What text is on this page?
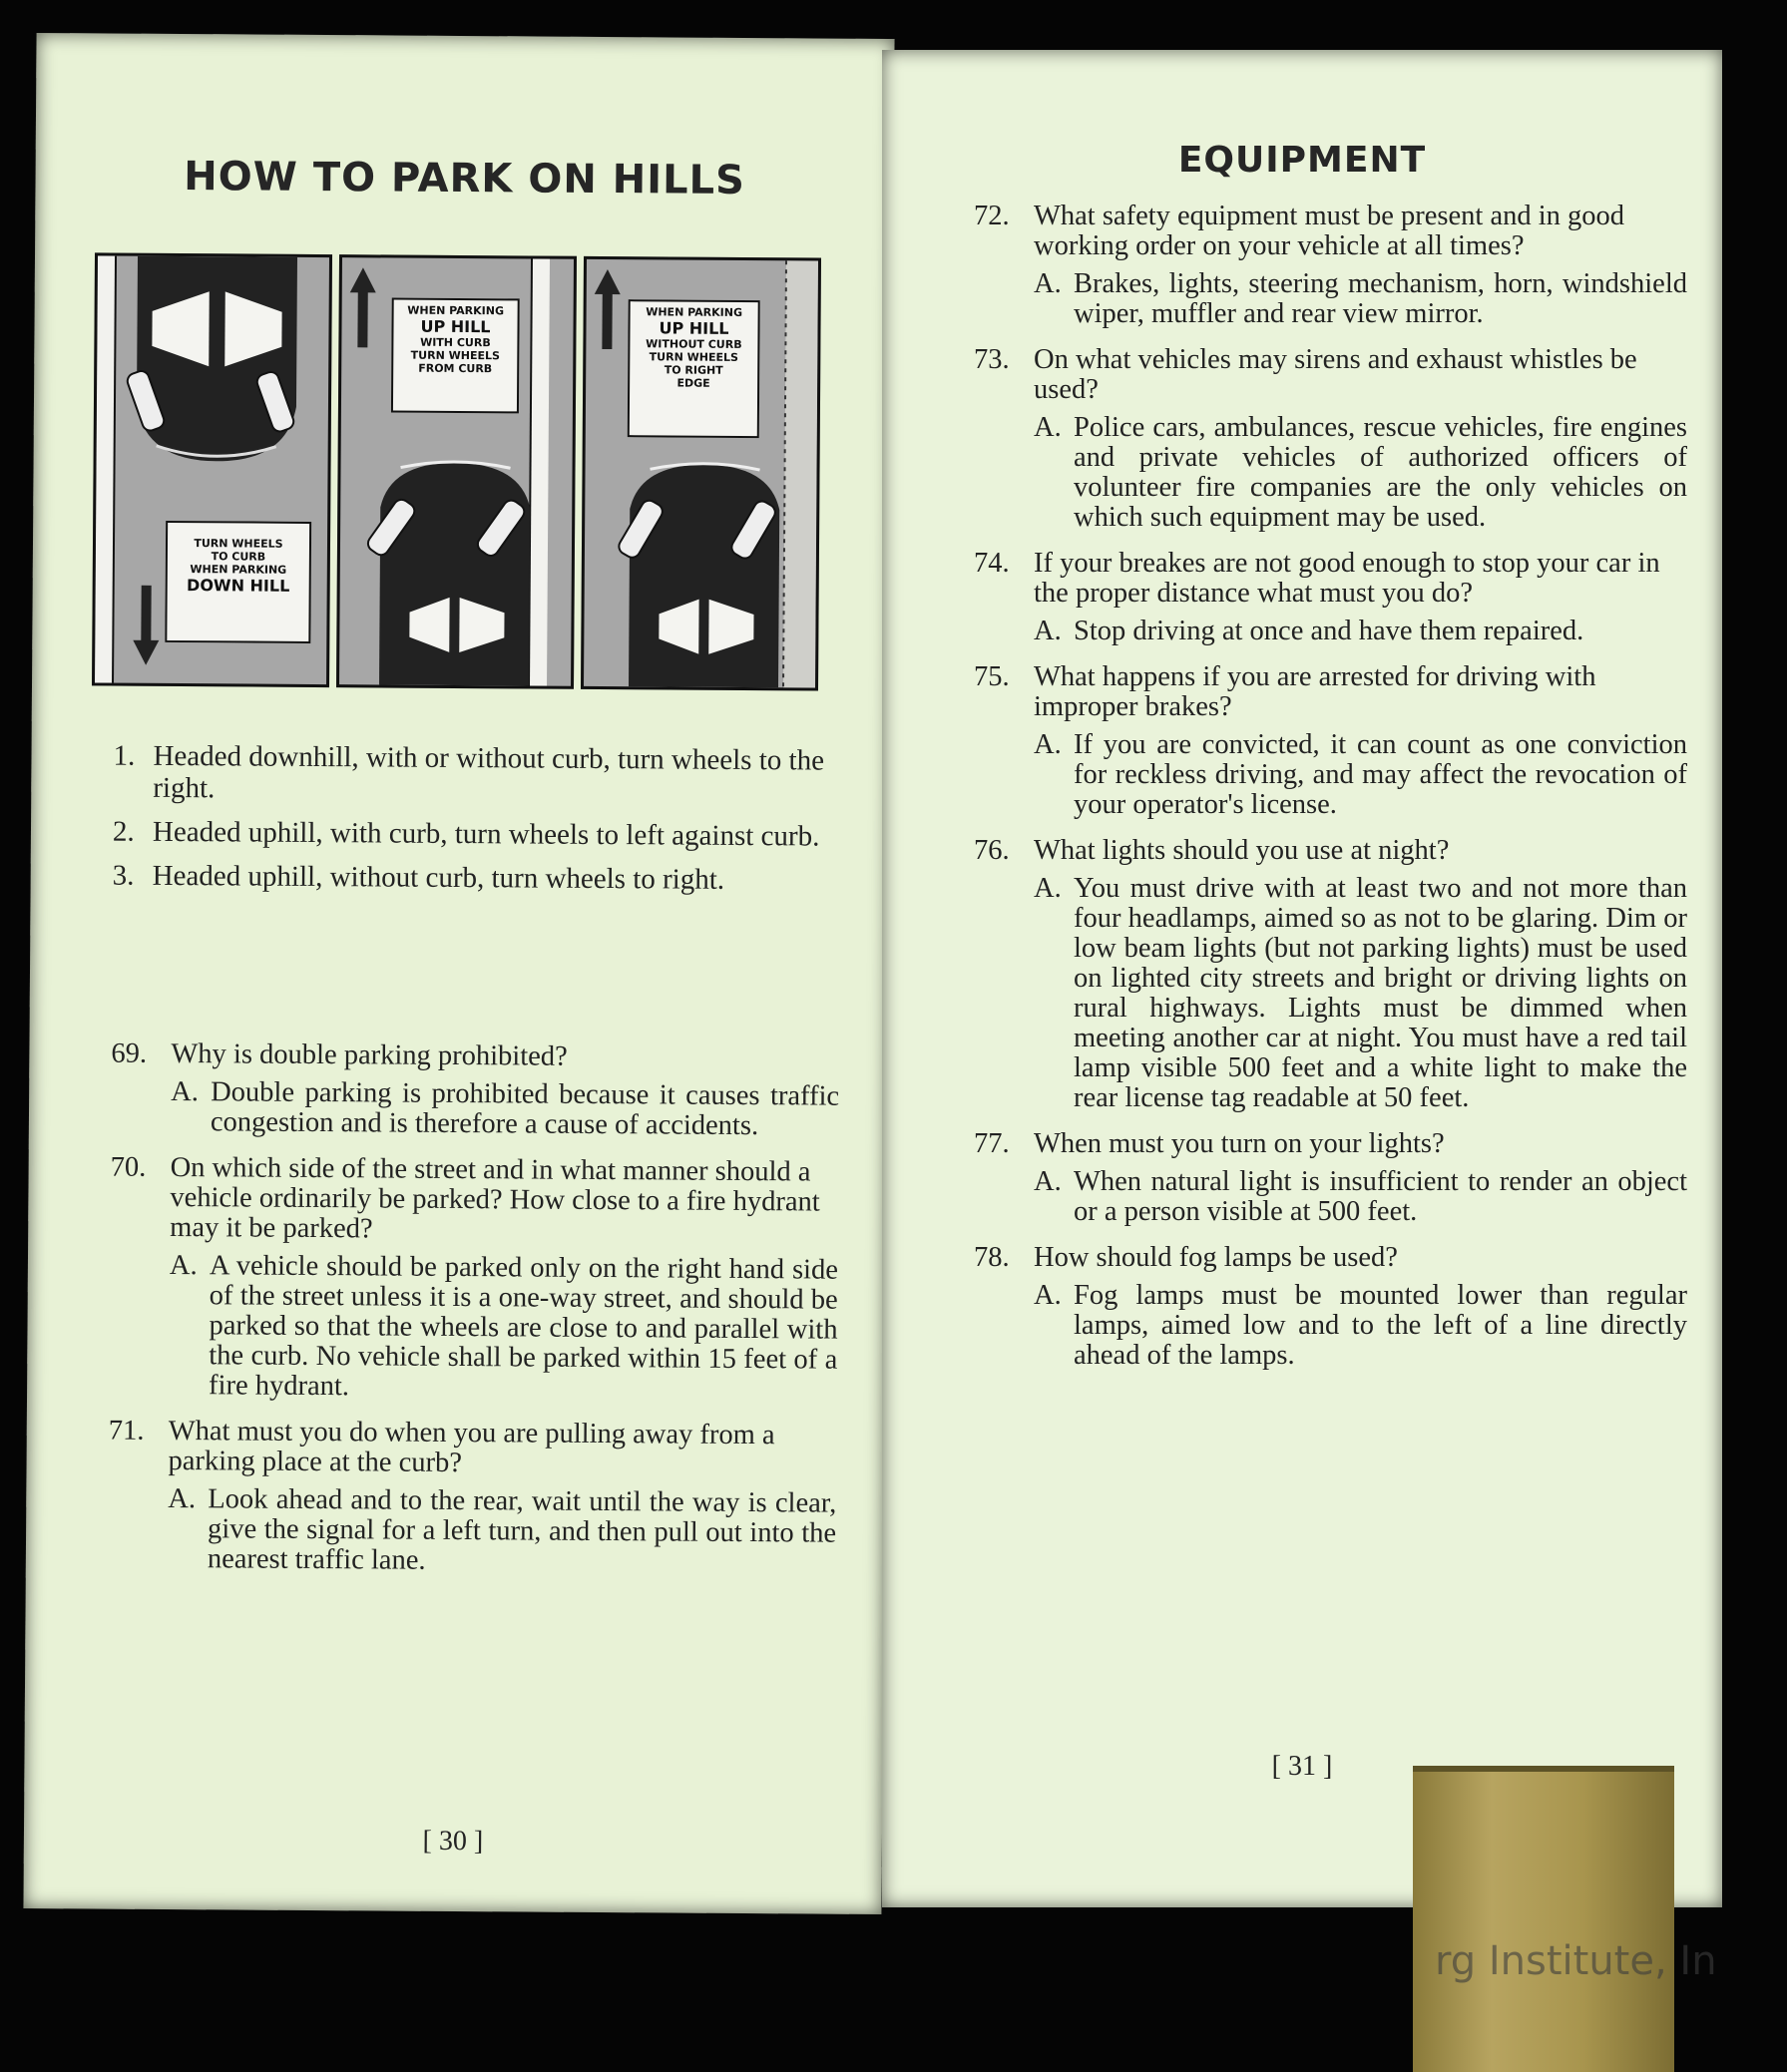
HOW TO PARK ON HILLS
TURN WHEELS
TO CURB
WHEN PARKING
DOWN HILL
WHEN PARKING
UP HILL
WITH CURB
TURN WHEELS
FROM CURB
WHEN PARKING
UP HILL
WITHOUT CURB
TURN WHEELS
TO RIGHT
EDGE
1. Headed downhill, with or without curb, turn wheels to the right.
2. Headed uphill, with curb, turn wheels to left against curb.
3. Headed uphill, without curb, turn wheels to right.
69. Why is double parking prohibited?
A. Double parking is prohibited because it causes traffic congestion and is therefore a cause of accidents.
70. On which side of the street and in what manner should a vehicle ordinarily be parked? How close to a fire hydrant may it be parked?
A. A vehicle should be parked only on the right hand side of the street unless it is a one-way street, and should be parked so that the wheels are close to and parallel with the curb. No vehicle shall be parked within 15 feet of a fire hydrant.
71. What must you do when you are pulling away from a parking place at the curb?
A. Look ahead and to the rear, wait until the way is clear, give the signal for a left turn, and then pull out into the nearest traffic lane.
[ 30 ]
EQUIPMENT
72. What safety equipment must be present and in good working order on your vehicle at all times?
A. Brakes, lights, steering mechanism, horn, windshield wiper, muffler and rear view mirror.
73. On what vehicles may sirens and exhaust whistles be used?
A. Police cars, ambulances, rescue vehicles, fire engines and private vehicles of authorized officers of volunteer fire companies are the only vehicles on which such equipment may be used.
74. If your breakes are not good enough to stop your car in the proper distance what must you do?
A. Stop driving at once and have them repaired.
75. What happens if you are arrested for driving with improper brakes?
A. If you are convicted, it can count as one conviction for reckless driving, and may affect the revocation of your operator's license.
76. What lights should you use at night?
A. You must drive with at least two and not more than four headlamps, aimed so as not to be glaring. Dim or low beam lights (but not parking lights) must be used on lighted city streets and bright or driving lights on rural highways. Lights must be dimmed when meeting another car at night. You must have a red tail lamp visible 500 feet and a white light to make the rear license tag readable at 50 feet.
77. When must you turn on your lights?
A. When natural light is insufficient to render an object or a person visible at 500 feet.
78. How should fog lamps be used?
A. Fog lamps must be mounted lower than regular lamps, aimed low and to the left of a line directly ahead of the lamps.
[ 31 ]
rg Institute, In
